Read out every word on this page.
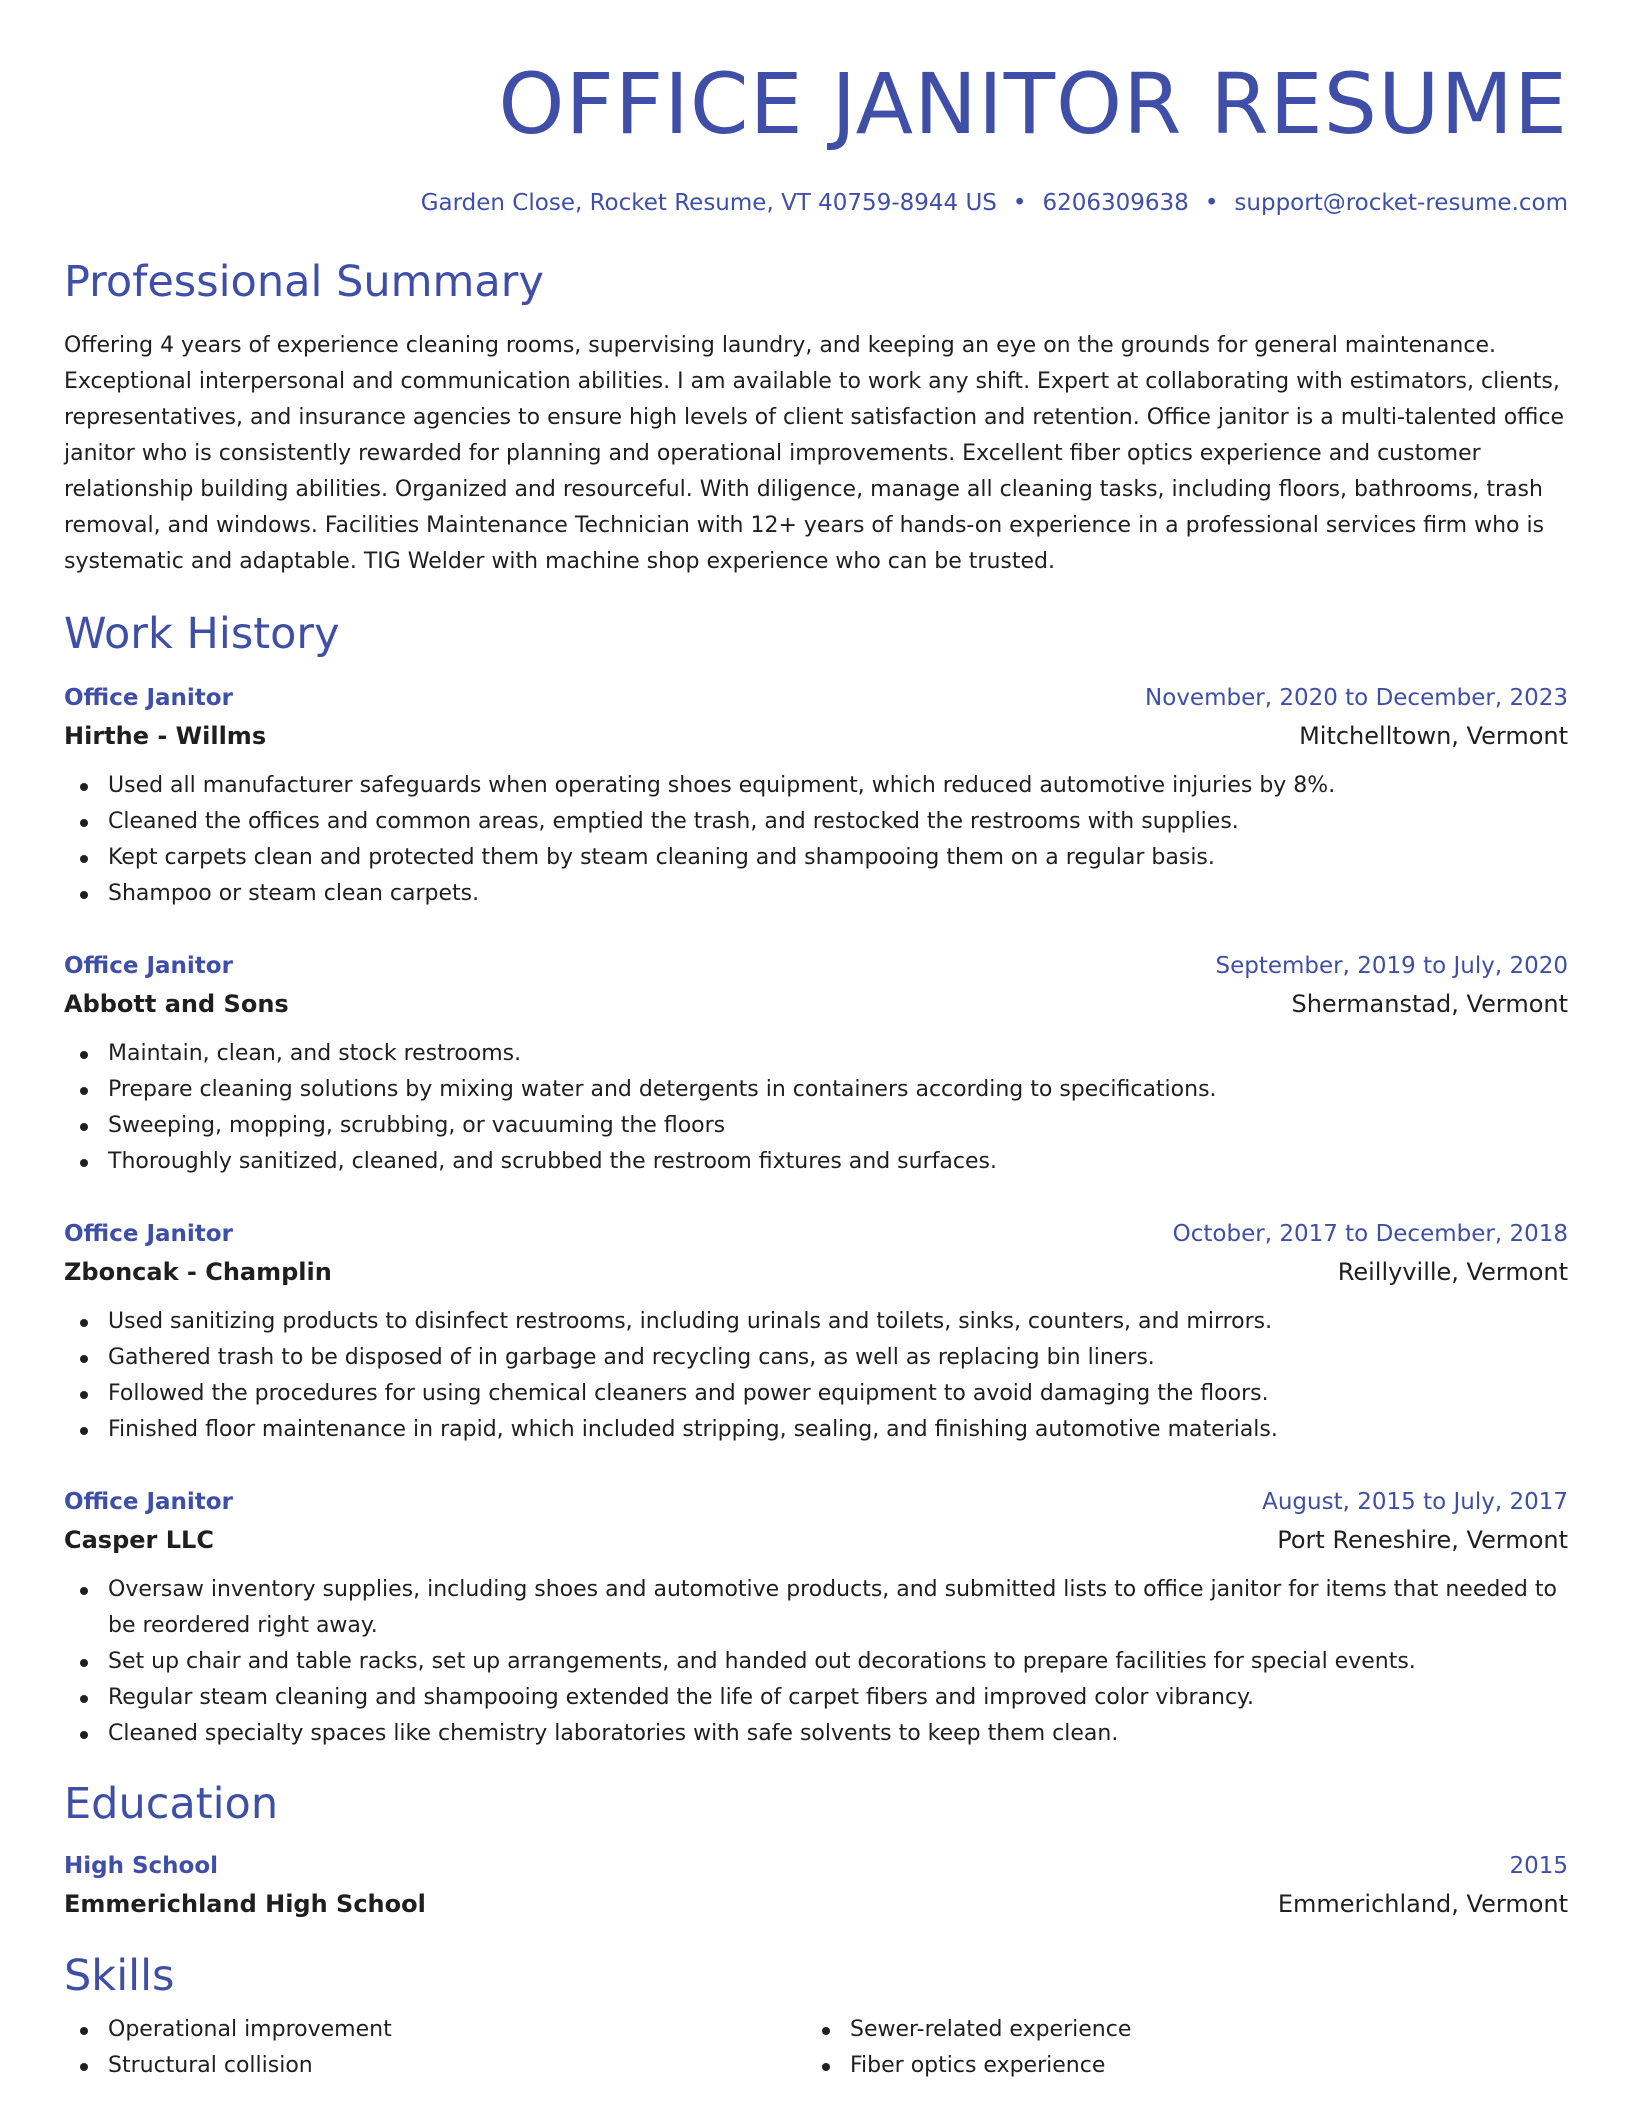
OFFICE JANITOR RESUME
Garden Close, Rocket Resume, VT 40759-8944 US • 6206309638 • support@rocket-resume.com
Professional Summary

Offering 4 years of experience cleaning rooms, supervising laundry, and keeping an eye on the grounds for general maintenance. Exceptional interpersonal and communication abilities. I am available to work any shift. Expert at collaborating with estimators, clients, representatives, and insurance agencies to ensure high levels of client satisfaction and retention. Office janitor is a multi-talented office janitor who is consistently rewarded for planning and operational improvements. Excellent fiber optics experience and customer relationship building abilities. Organized and resourceful. With diligence, manage all cleaning tasks, including floors, bathrooms, trash removal, and windows. Facilities Maintenance Technician with 12+ years of hands-on experience in a professional services firm who is systematic and adaptable. TIG Welder with machine shop experience who can be trusted.

Work History
Office Janitor	November, 2020 to December, 2023
Hirthe - Willms	Mitchelltown, Vermont
Used all manufacturer safeguards when operating shoes equipment, which reduced automotive injuries by 8%.
Cleaned the offices and common areas, emptied the trash, and restocked the restrooms with supplies.
Kept carpets clean and protected them by steam cleaning and shampooing them on a regular basis.
Shampoo or steam clean carpets.
Office Janitor	September, 2019 to July, 2020
Abbott and Sons	Shermanstad, Vermont
Maintain, clean, and stock restrooms.
Prepare cleaning solutions by mixing water and detergents in containers according to specifications.
Sweeping, mopping, scrubbing, or vacuuming the floors
Thoroughly sanitized, cleaned, and scrubbed the restroom fixtures and surfaces.
Office Janitor	October, 2017 to December, 2018
Zboncak - Champlin	Reillyville, Vermont
Used sanitizing products to disinfect restrooms, including urinals and toilets, sinks, counters, and mirrors.
Gathered trash to be disposed of in garbage and recycling cans, as well as replacing bin liners.
Followed the procedures for using chemical cleaners and power equipment to avoid damaging the floors.
Finished floor maintenance in rapid, which included stripping, sealing, and finishing automotive materials.
Office Janitor	August, 2015 to July, 2017
Casper LLC	Port Reneshire, Vermont
Oversaw inventory supplies, including shoes and automotive products, and submitted lists to office janitor for items that needed to be reordered right away.
Set up chair and table racks, set up arrangements, and handed out decorations to prepare facilities for special events.
Regular steam cleaning and shampooing extended the life of carpet fibers and improved color vibrancy.
Cleaned specialty spaces like chemistry laboratories with safe solvents to keep them clean.
Education
High School	2015
Emmerichland High School	Emmerichland, Vermont
Skills
Operational improvement
Structural collision
Sewer-related experience
Fiber optics experience
